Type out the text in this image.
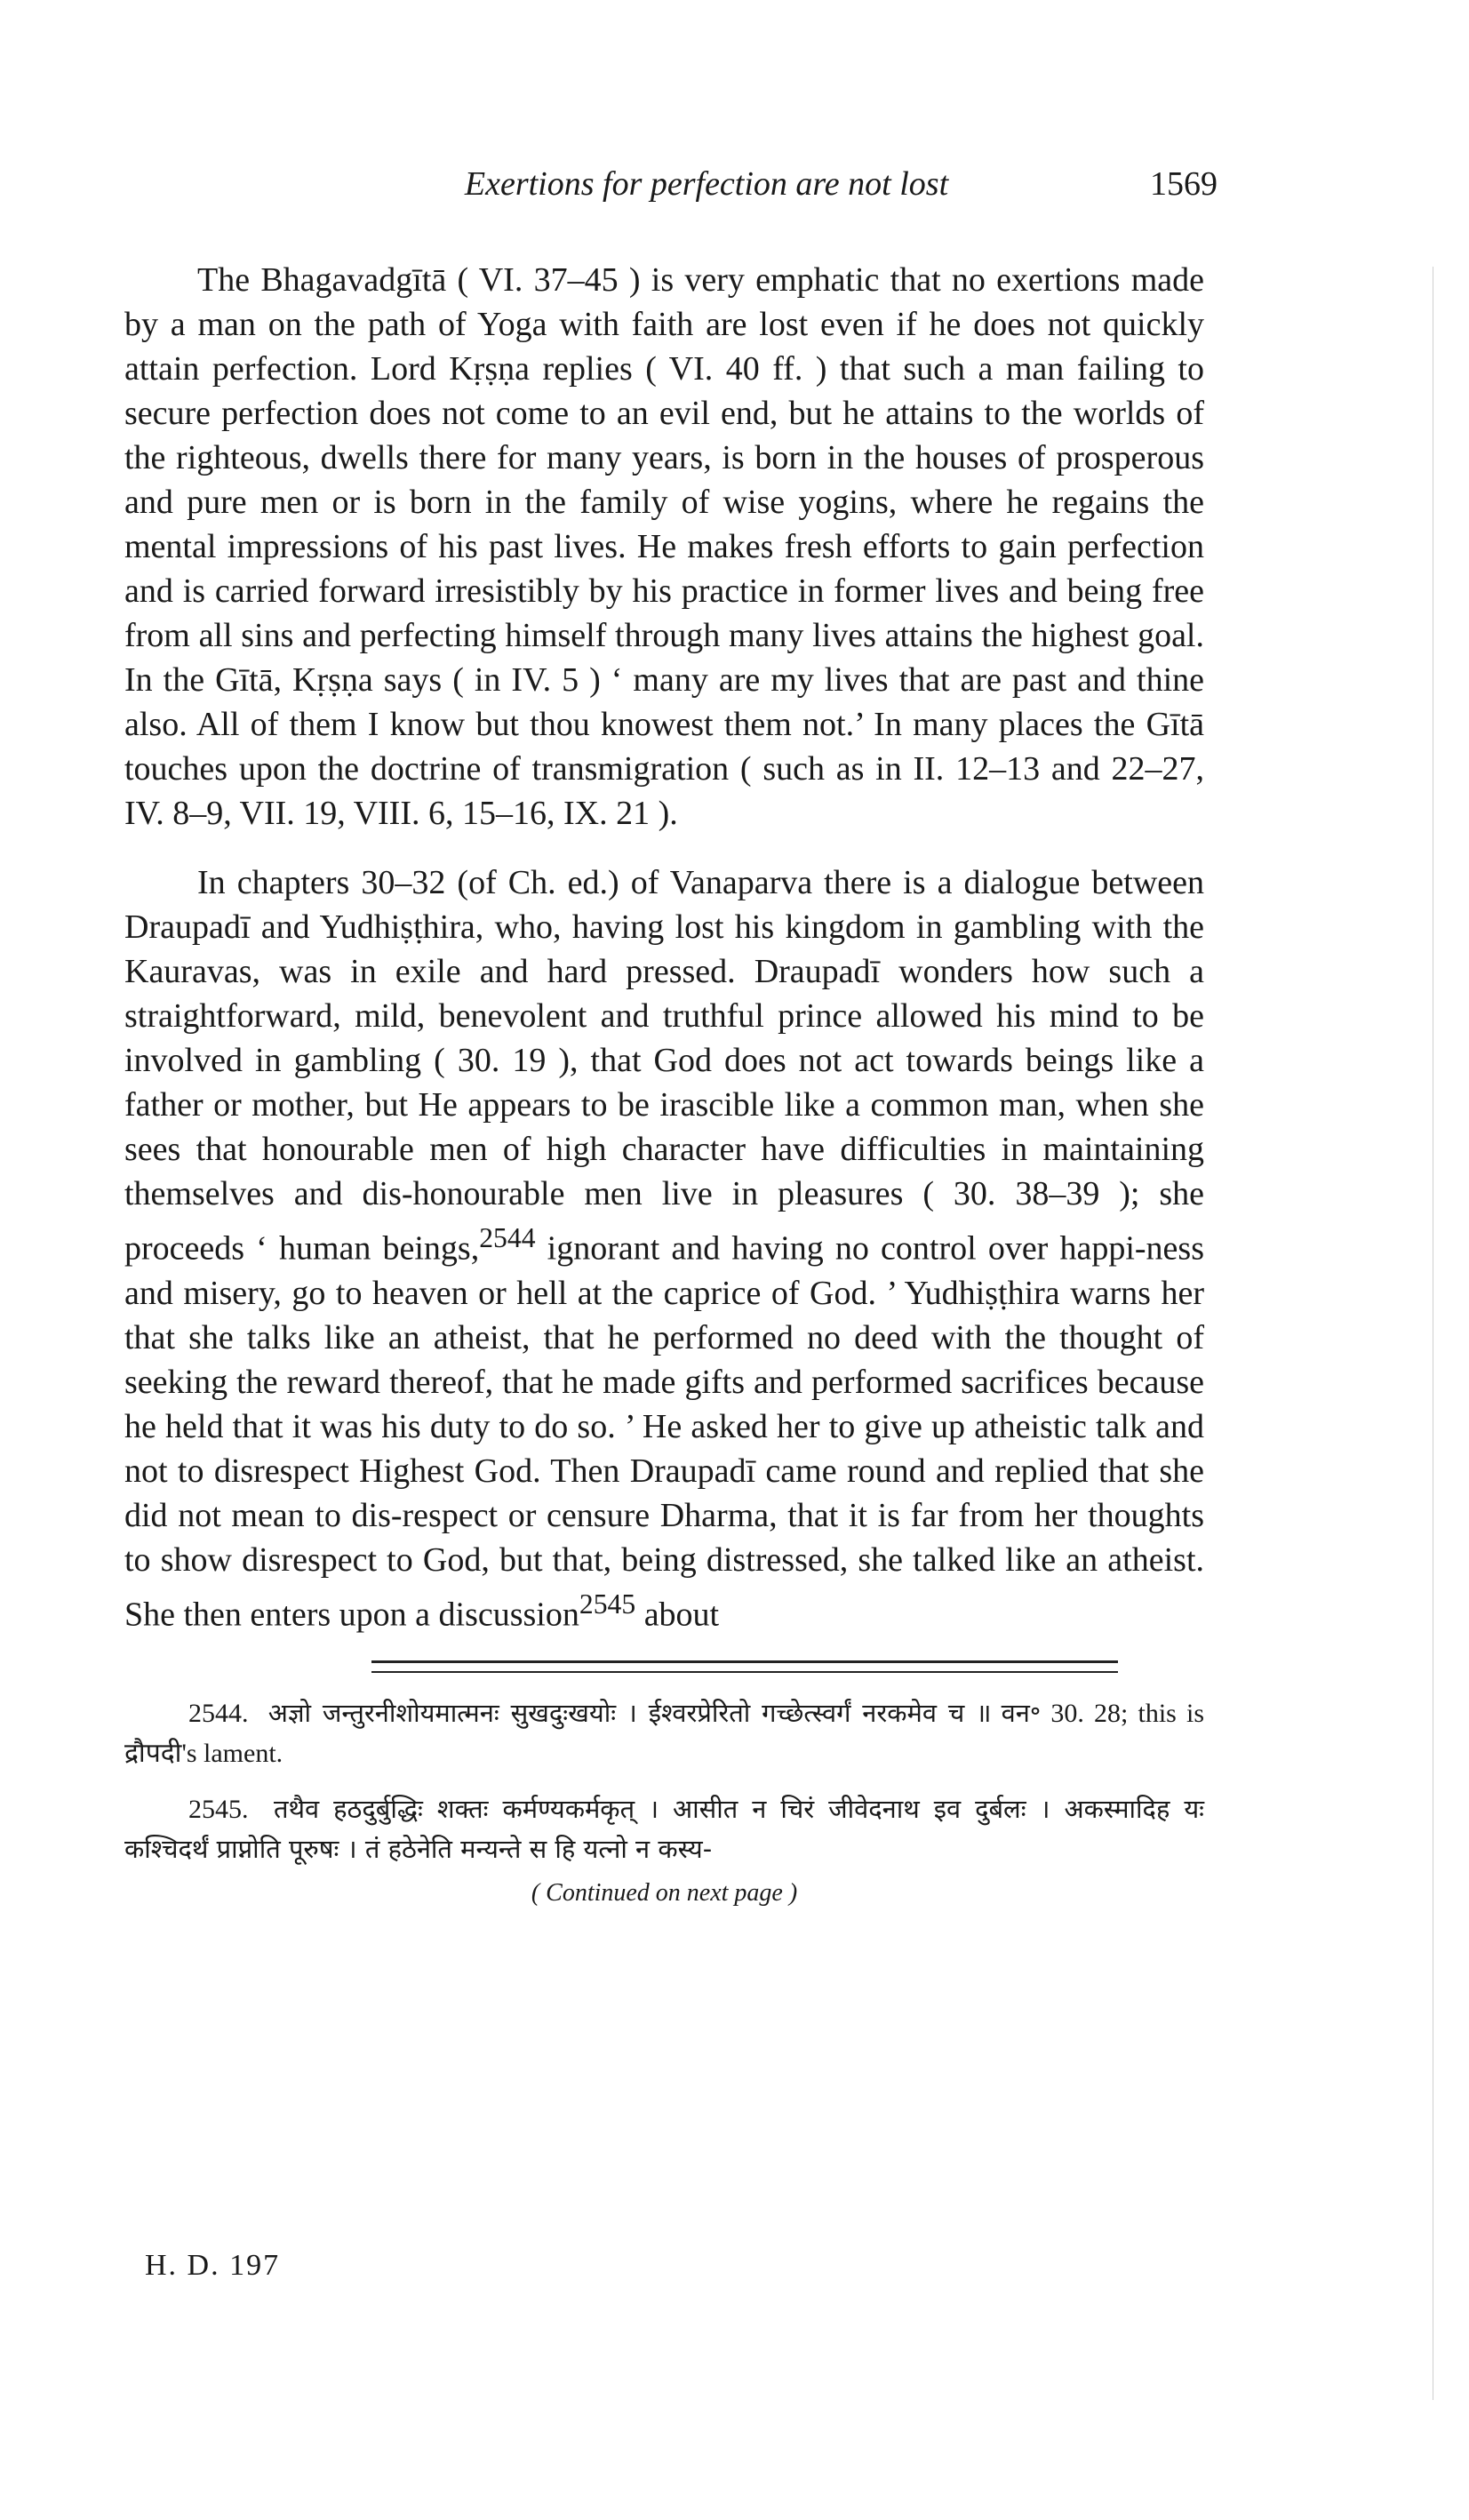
Exertions for perfection are not lost	1569

The Bhagavadgītā ( VI. 37–45 ) is very emphatic that no exertions made by a man on the path of Yoga with faith are lost even if he does not quickly attain perfection. Lord Kṛṣṇa replies ( VI. 40 ff. ) that such a man failing to secure perfection does not come to an evil end, but he attains to the worlds of the righteous, dwells there for many years, is born in the houses of prosperous and pure men or is born in the family of wise yogins, where he regains the mental impressions of his past lives. He makes fresh efforts to gain perfection and is carried forward irresistibly by his practice in former lives and being free from all sins and perfecting himself through many lives attains the highest goal. In the Gītā, Kṛṣṇa says ( in IV. 5 ) ‘ many are my lives that are past and thine also. All of them I know but thou knowest them not.’ In many places the Gītā touches upon the doctrine of transmigration ( such as in II. 12–13 and 22–27, IV. 8–9, VII. 19, VIII. 6, 15–16, IX. 21 ).

In chapters 30–32 (of Ch. ed.) of Vanaparva there is a dialogue between Draupadī and Yudhiṣṭhira, who, having lost his kingdom in gambling with the Kauravas, was in exile and hard pressed. Draupadī wonders how such a straightforward, mild, benevolent and truthful prince allowed his mind to be involved in gambling ( 30. 19 ), that God does not act towards beings like a father or mother, but He appears to be irascible like a common man, when she sees that honourable men of high character have difficulties in maintaining themselves and dis-honourable men live in pleasures ( 30. 38–39 ); she proceeds ‘ human beings,$^{2544}$ ignorant and having no control over happi-ness and misery, go to heaven or hell at the caprice of God. ’ Yudhiṣṭhira warns her that she talks like an atheist, that he performed no deed with the thought of seeking the reward thereof, that he made gifts and performed sacrifices because he held that it was his duty to do so. ’ He asked her to give up atheistic talk and not to disrespect Highest God. Then Draupadī came round and replied that she did not mean to dis-respect or censure Dharma, that it is far from her thoughts to show disrespect to God, but that, being distressed, she talked like an atheist. She then enters upon a discussion$^{2545}$ about

2544. अज्ञो जन्तुरनीशोयमात्मनः सुखदुःखयोः । ईश्वरप्रेरितो गच्छेत्स्वर्गं नरकमेव च ॥ वन॰ 30. 28; this is द्रौपदी's lament.

2545. तथैव हठदुर्बुद्धिः शक्तः कर्मण्यकर्मकृत् । आसीत न चिरं जीवेदनाथ इव दुर्बलः । अकस्मादिह यः कश्चिदर्थं प्राप्नोति पूरुषः । तं हठेनेति मन्यन्ते स हि यत्नो न कस्य-

( Continued on next page )
H. D. 197
